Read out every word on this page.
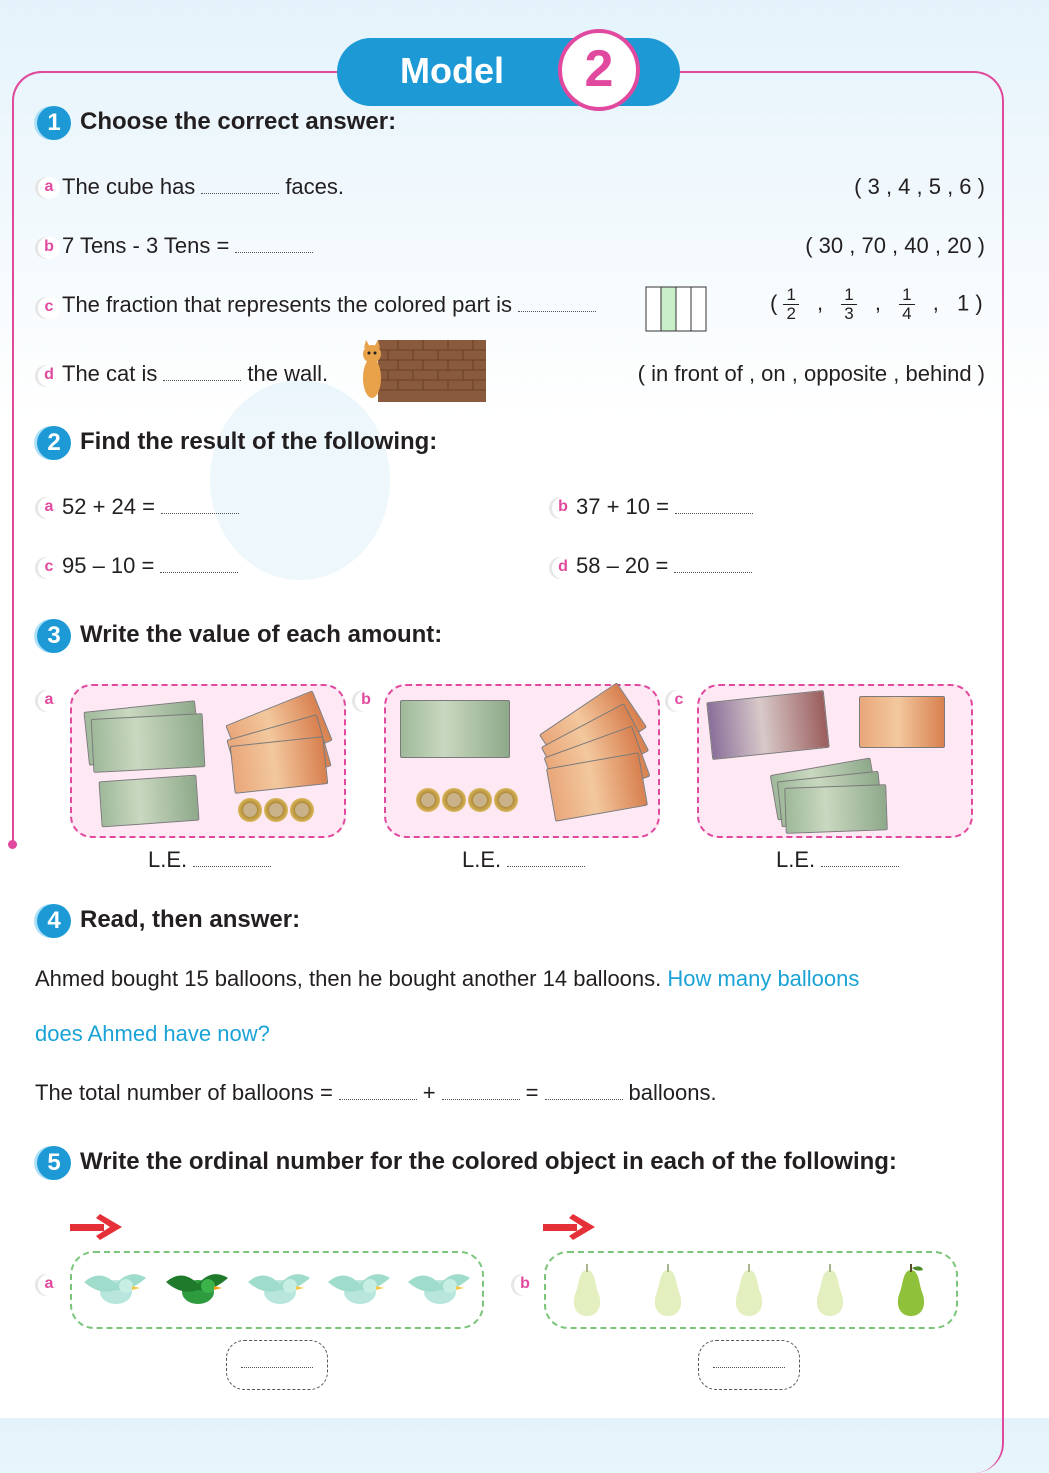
Model	2
1 Choose the correct answer:
a The cube has	faces.	( 3 , 4 , 5 , 6 )
b 7 Tens - 3 Tens =	( 30 , 70 , 40 , 20 )
c The fraction that represents the colored part is	( $\frac{1}{2}$ , $\frac{1}{3}$ , $\frac{1}{4}$ , 1 )
d The cat is	the wall.	( in front of , on , opposite , behind )
2 Find the result of the following:
a 52 + 24 =	b 37 + 10 =
c 95 – 10 =	d 58 – 20 =
3 Write the value of each amount:
a	b	c
L.E.	L.E.	L.E.
4 Read, then answer:
Ahmed bought 15 balloons, then he bought another 14 balloons. How many balloons
does Ahmed have now?
The total number of balloons =	+	=	balloons.
5 Write the ordinal number for the colored object in each of the following:
a	b
